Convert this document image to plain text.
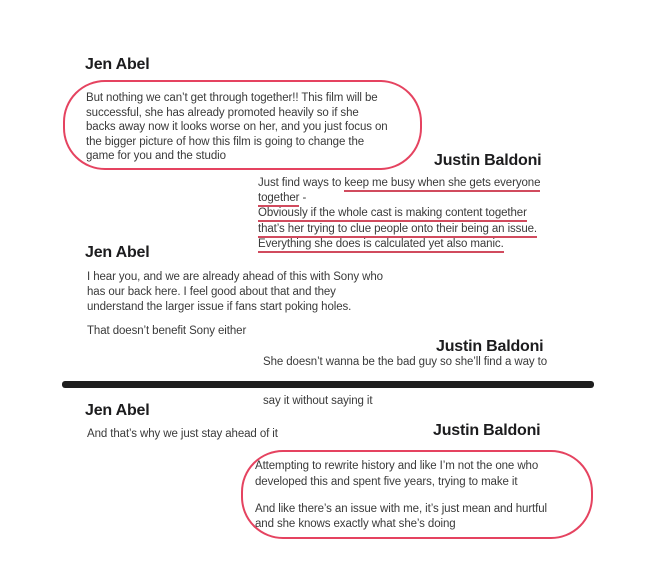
Jen Abel
But nothing we can’t get through together!! This film will be
successful, she has already promoted heavily so if she
backs away now it looks worse on her, and you just focus on
the bigger picture of how this film is going to change the
game for you and the studio	Justin Baldoni
Just find ways to keep me busy when she gets everyone
together -
Obviously if the whole cast is making content together
that’s her trying to clue people onto their being an issue.
Everything she does is calculated yet also manic.
Jen Abel
I hear you, and we are already ahead of this with Sony who
has our back here. I feel good about that and they
understand the larger issue if fans start poking holes.
That doesn’t benefit Sony either
Justin Baldoni
She doesn’t wanna be the bad guy so she’ll find a way to
say it without saying it
Jen Abel
And that’s why we just stay ahead of it	Justin Baldoni
Attempting to rewrite history and like I’m not the one who
developed this and spent five years, trying to make it
And like there’s an issue with me, it’s just mean and hurtful
and she knows exactly what she’s doing
